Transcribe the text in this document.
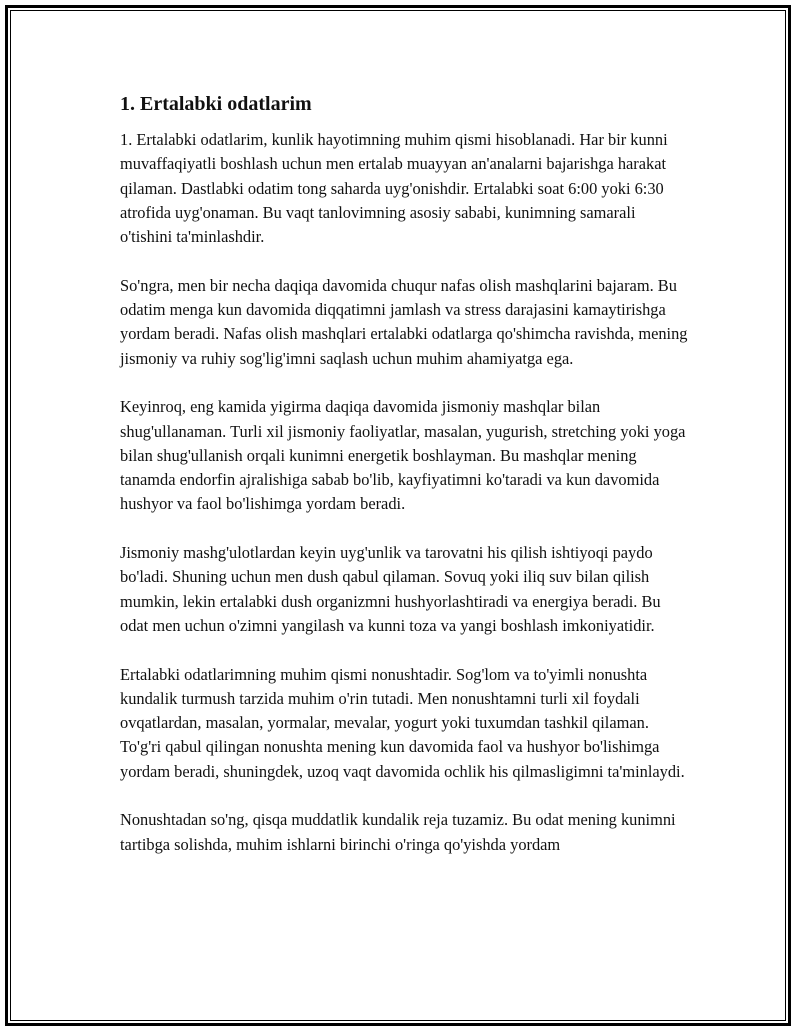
1. Ertalabki odatlarim

1. Ertalabki odatlarim, kunlik hayotimning muhim qismi hisoblanadi. Har bir kunni muvaffaqiyatli boshlash uchun men ertalab muayyan an'analarni bajarishga harakat qilaman. Dastlabki odatim tong saharda uyg'onishdir. Ertalabki soat 6:00 yoki 6:30 atrofida uyg'onaman. Bu vaqt tanlovimning asosiy sababi, kunimning samarali o'tishini ta'minlashdir.

So'ngra, men bir necha daqiqa davomida chuqur nafas olish mashqlarini bajaram. Bu odatim menga kun davomida diqqatimni jamlash va stress darajasini kamaytirishga yordam beradi. Nafas olish mashqlari ertalabki odatlarga qo'shimcha ravishda, mening jismoniy va ruhiy sog'lig'imni saqlash uchun muhim ahamiyatga ega.

Keyinroq, eng kamida yigirma daqiqa davomida jismoniy mashqlar bilan shug'ullanaman. Turli xil jismoniy faoliyatlar, masalan, yugurish, stretching yoki yoga bilan shug'ullanish orqali kunimni energetik boshlayman. Bu mashqlar mening tanamda endorfin ajralishiga sabab bo'lib, kayfiyatimni ko'taradi va kun davomida hushyor va faol bo'lishimga yordam beradi.

Jismoniy mashg'ulotlardan keyin uyg'unlik va tarovatni his qilish ishtiyoqi paydo bo'ladi. Shuning uchun men dush qabul qilaman. Sovuq yoki iliq suv bilan qilish mumkin, lekin ertalabki dush organizmni hushyorlashtiradi va energiya beradi. Bu odat men uchun o'zimni yangilash va kunni toza va yangi boshlash imkoniyatidir.

Ertalabki odatlarimning muhim qismi nonushtadir. Sog'lom va to'yimli nonushta kundalik turmush tarzida muhim o'rin tutadi. Men nonushtamni turli xil foydali ovqatlardan, masalan, yormalar, mevalar, yogurt yoki tuxumdan tashkil qilaman. To'g'ri qabul qilingan nonushta mening kun davomida faol va hushyor bo'lishimga yordam beradi, shuningdek, uzoq vaqt davomida ochlik his qilmasligimni ta'minlaydi.

Nonushtadan so'ng, qisqa muddatlik kundalik reja tuzamiz. Bu odat mening kunimni tartibga solishda, muhim ishlarni birinchi o'ringa qo'yishda yordam
